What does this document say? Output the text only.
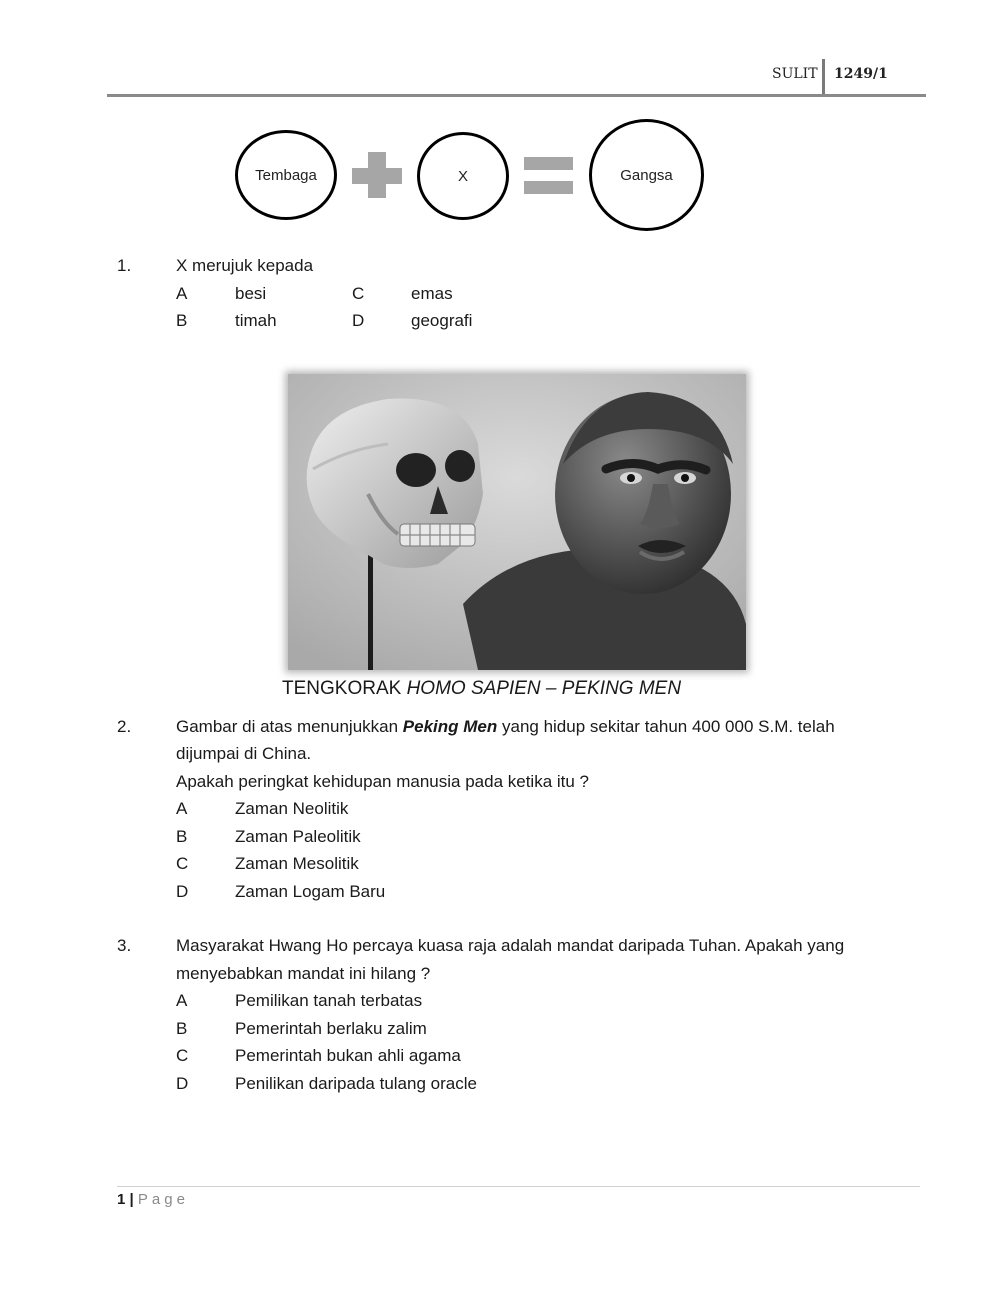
SULIT 1249/1
Tembaga	X	Gangsa
1.	X merujuk kepada
A	besi	C	emas
B	timah	D	geografi
TENGKORAK HOMO SAPIEN – PEKING MEN
2.	Gambar di atas menunjukkan Peking Men yang hidup sekitar tahun 400 000 S.M. telah
dijumpai di China.
Apakah peringkat kehidupan manusia pada ketika itu ?
A	Zaman Neolitik
B	Zaman Paleolitik
C	Zaman Mesolitik
D	Zaman Logam Baru
3.	Masyarakat Hwang Ho percaya kuasa raja adalah mandat daripada Tuhan. Apakah yang
menyebabkan mandat ini hilang ?
A	Pemilikan tanah terbatas
B	Pemerintah berlaku zalim
C	Pemerintah bukan ahli agama
D	Penilikan daripada tulang oracle
1 | Page
